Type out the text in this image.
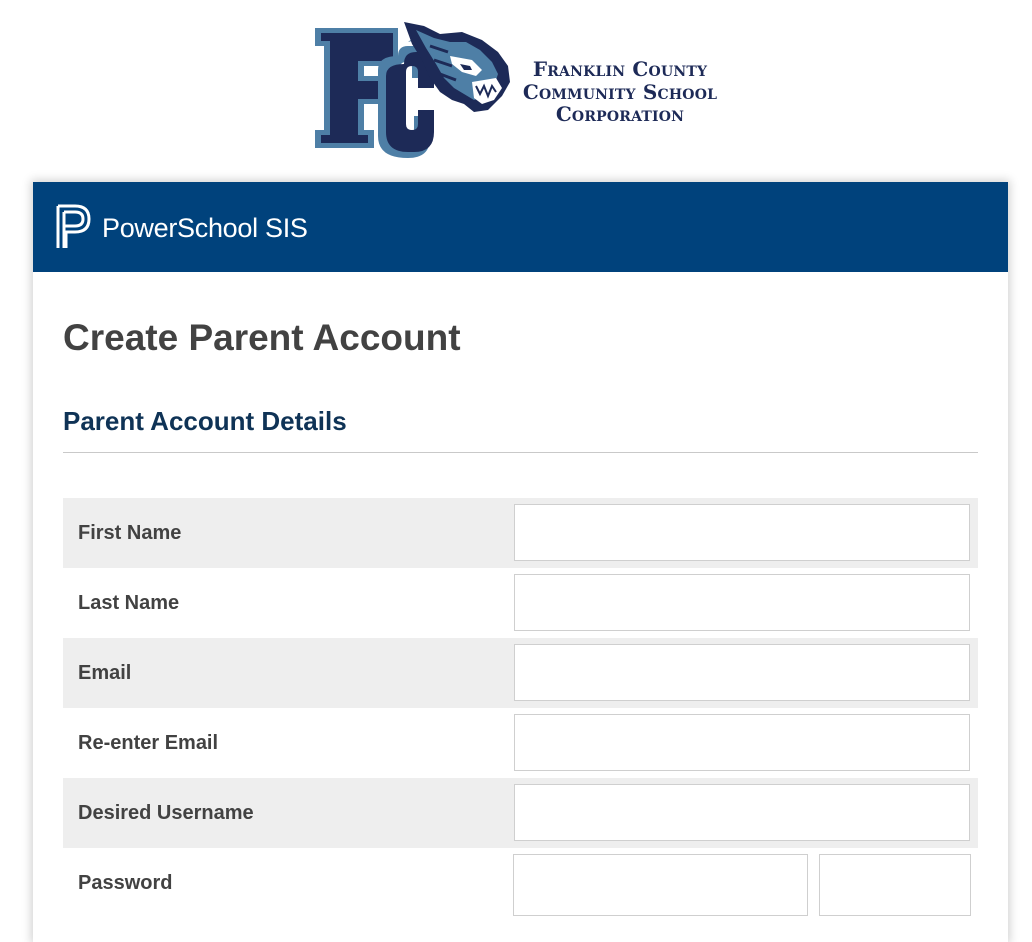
Franklin County
Community School
Corporation
PowerSchool SIS
Create Parent Account
Parent Account Details
First Name
Last Name
Email
Re-enter Email
Desired Username
Password
